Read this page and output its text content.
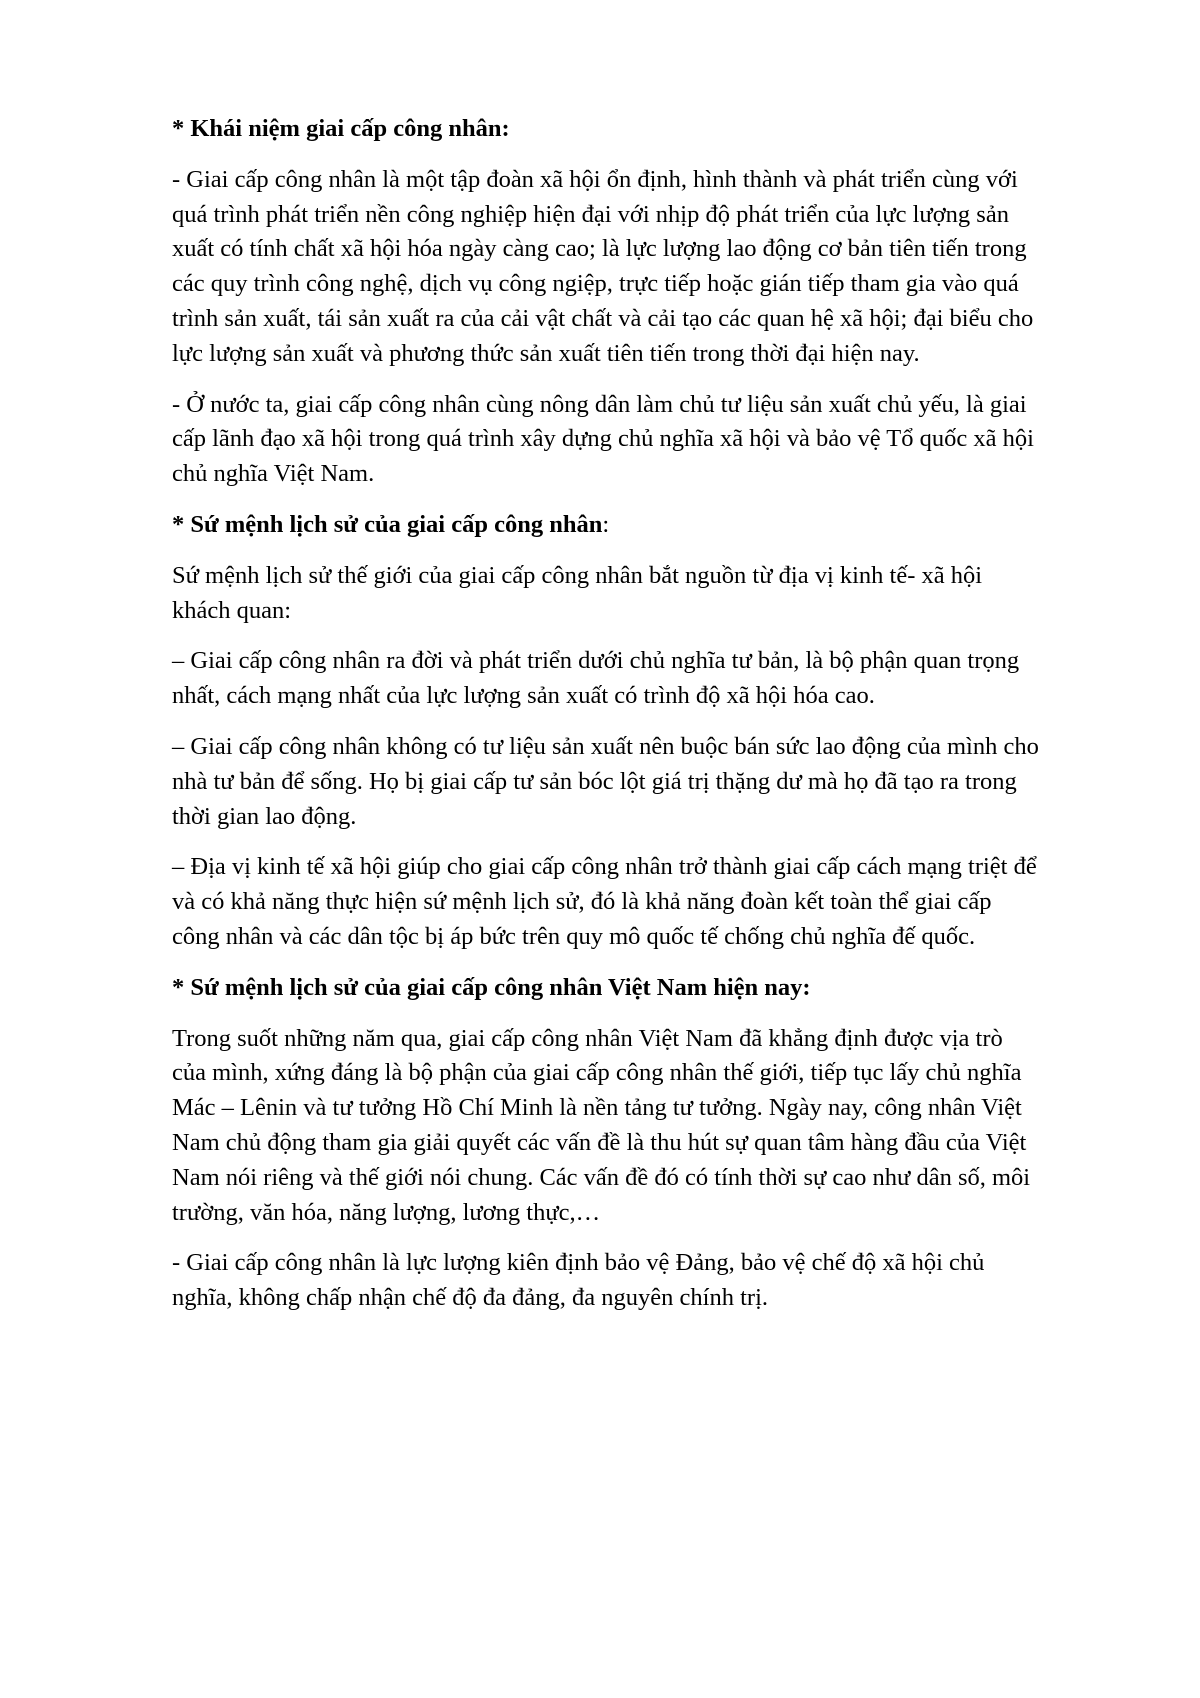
* Khái niệm giai cấp công nhân:

- Giai cấp công nhân là một tập đoàn xã hội ổn định, hình thành và phát triển cùng với quá trình phát triển nền công nghiệp hiện đại với nhịp độ phát triển của lực lượng sản xuất có tính chất xã hội hóa ngày càng cao; là lực lượng lao động cơ bản tiên tiến trong các quy trình công nghệ, dịch vụ công ngiệp, trực tiếp hoặc gián tiếp tham gia vào quá trình sản xuất, tái sản xuất ra của cải vật chất và cải tạo các quan hệ xã hội; đại biểu cho lực lượng sản xuất và phương thức sản xuất tiên tiến trong thời đại hiện nay.

- Ở nước ta, giai cấp công nhân cùng nông dân làm chủ tư liệu sản xuất chủ yếu, là giai cấp lãnh đạo xã hội trong quá trình xây dựng chủ nghĩa xã hội và bảo vệ Tổ quốc xã hội chủ nghĩa Việt Nam.

* Sứ mệnh lịch sử của giai cấp công nhân:

Sứ mệnh lịch sử thế giới của giai cấp công nhân bắt nguồn từ địa vị kinh tế- xã hội khách quan:

– Giai cấp công nhân ra đời và phát triển dưới chủ nghĩa tư bản, là bộ phận quan trọng nhất, cách mạng nhất của lực lượng sản xuất có trình độ xã hội hóa cao.

– Giai cấp công nhân không có tư liệu sản xuất nên buộc bán sức lao động của mình cho nhà tư bản để sống. Họ bị giai cấp tư sản bóc lột giá trị thặng dư mà họ đã tạo ra trong thời gian lao động.

– Địa vị kinh tế xã hội giúp cho giai cấp công nhân trở thành giai cấp cách mạng triệt để và có khả năng thực hiện sứ mệnh lịch sử, đó là khả năng đoàn kết toàn thể giai cấp công nhân và các dân tộc bị áp bức trên quy mô quốc tế chống chủ nghĩa đế quốc.

* Sứ mệnh lịch sử của giai cấp công nhân Việt Nam hiện nay:

Trong suốt những năm qua, giai cấp công nhân Việt Nam đã khẳng định được vịa trò của mình, xứng đáng là bộ phận của giai cấp công nhân thế giới, tiếp tục lấy chủ nghĩa Mác – Lênin và tư tưởng Hồ Chí Minh là nền tảng tư tưởng. Ngày nay, công nhân Việt Nam chủ động tham gia giải quyết các vấn đề là thu hút sự quan tâm hàng đầu của Việt Nam nói riêng và thế giới nói chung. Các vấn đề đó có tính thời sự cao như dân số, môi trường, văn hóa, năng lượng, lương thực,…

- Giai cấp công nhân là lực lượng kiên định bảo vệ Đảng, bảo vệ chế độ xã hội chủ nghĩa, không chấp nhận chế độ đa đảng, đa nguyên chính trị.
